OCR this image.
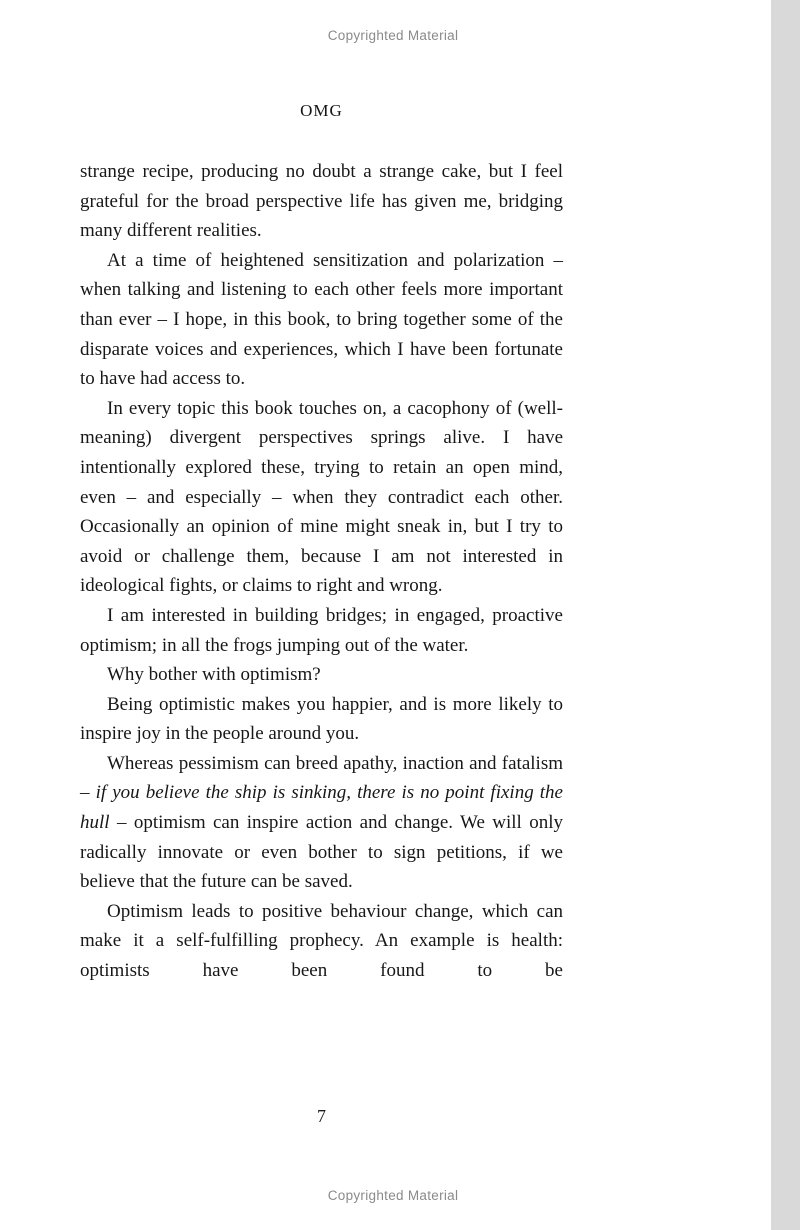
Copyrighted Material
OMG

strange recipe, producing no doubt a strange cake, but I feel grateful for the broad perspective life has given me, bridging many different realities.

At a time of heightened sensitization and polarization – when talking and listening to each other feels more important than ever – I hope, in this book, to bring together some of the disparate voices and experiences, which I have been fortunate to have had access to.

In every topic this book touches on, a cacophony of (well-meaning) divergent perspectives springs alive. I have intentionally explored these, trying to retain an open mind, even – and especially – when they contradict each other. Occasionally an opinion of mine might sneak in, but I try to avoid or challenge them, because I am not interested in ideological fights, or claims to right and wrong.

I am interested in building bridges; in engaged, proactive optimism; in all the frogs jumping out of the water.

Why bother with optimism?

Being optimistic makes you happier, and is more likely to inspire joy in the people around you.

Whereas pessimism can breed apathy, inaction and fatalism – if you believe the ship is sinking, there is no point fixing the hull – optimism can inspire action and change. We will only radically innovate or even bother to sign petitions, if we believe that the future can be saved.

Optimism leads to positive behaviour change, which can make it a self-fulfilling prophecy. An example is health: optimists have been found to be

7
Copyrighted Material
